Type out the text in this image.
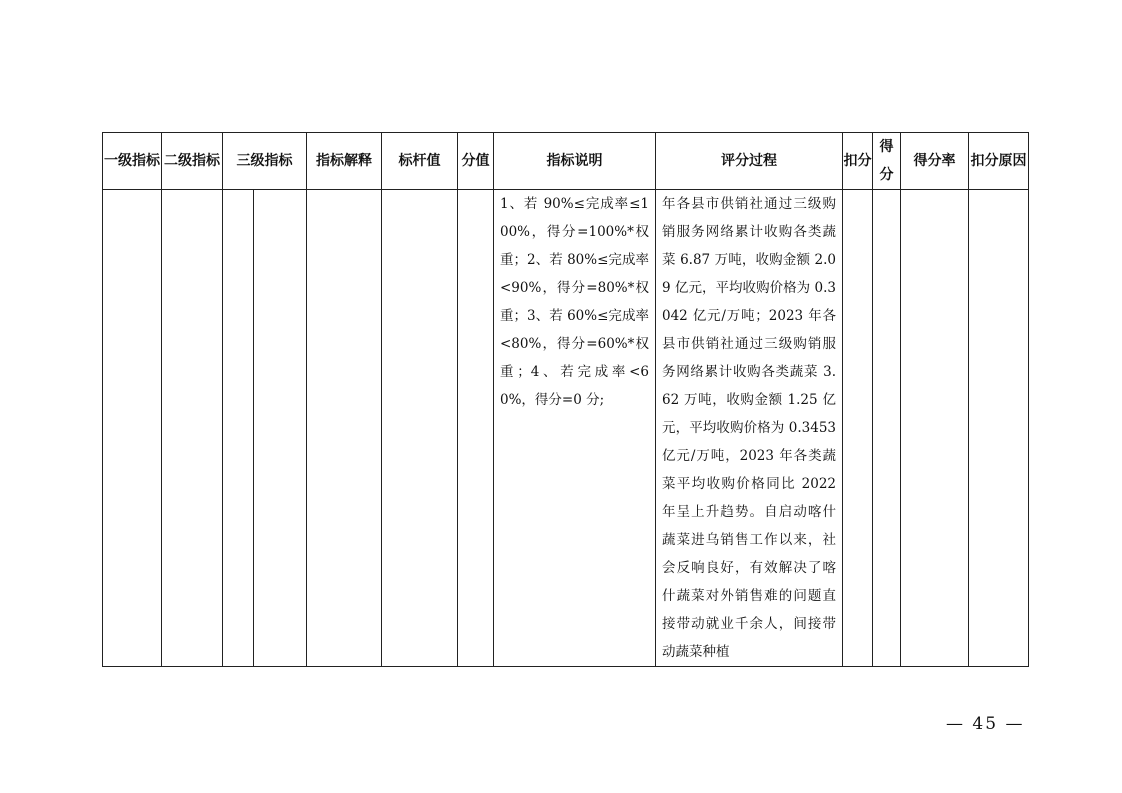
一级指标	二级指标	三级指标		指标解释	标杆值	分值	指标说明	评分过程	扣分	得分	得分率	扣分原因

							1、若 90%≤完成率≤100%，得分=100%*权重；2、若 80%≤完成率<90%，得分=80%*权重；3、若 60%≤完成率<80%，得分=60%*权重；4、若完成率<60%，得分=0 分;	年各县市供销社通过三级购销服务网络累计收购各类蔬菜 6.87 万吨，收购金额 2.09 亿元，平均收购价格为 0.3042 亿元/万吨；2023 年各县市供销社通过三级购销服务网络累计收购各类蔬菜 3.62 万吨，收购金额 1.25 亿元，平均收购价格为 0.3453 亿元/万吨，2023 年各类蔬菜平均收购价格同比 2022 年呈上升趋势。自启动喀什蔬菜进乌销售工作以来，社会反响良好，有效解决了喀什蔬菜对外销售难的问题直接带动就业千余人，间接带动蔬菜种植				

— 45 —
